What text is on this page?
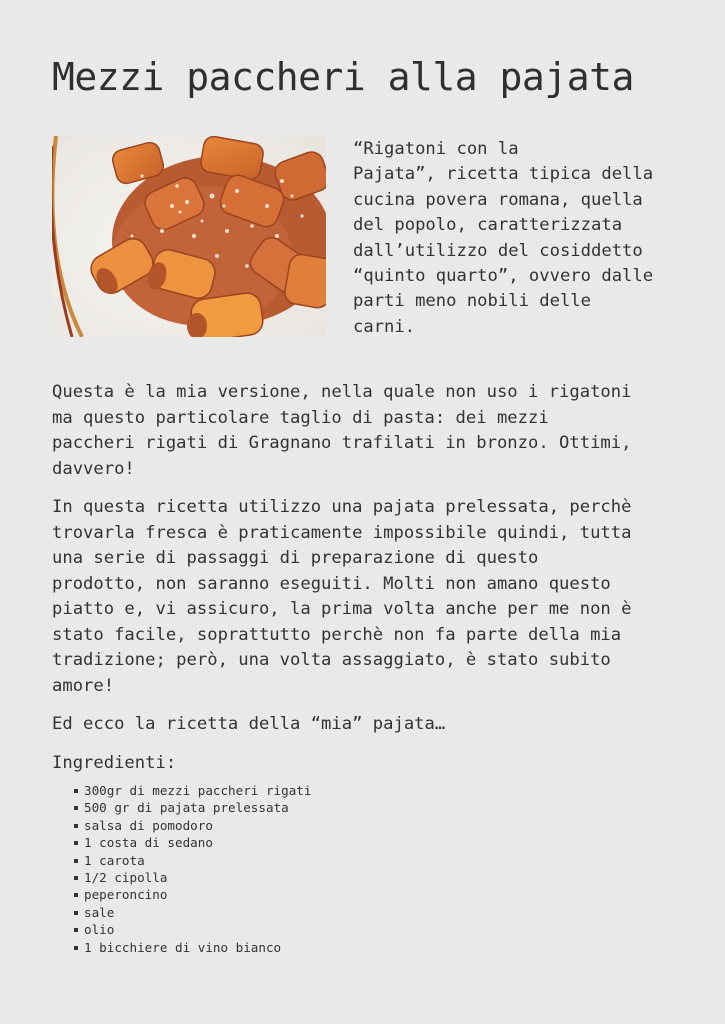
Mezzi paccheri alla pajata

“Rigatoni con la
Pajata”, ricetta tipica della
cucina povera romana, quella
del popolo, caratterizzata
dall’utilizzo del cosiddetto
“quinto quarto”, ovvero dalle
parti meno nobili delle
carni.

Questa è la mia versione, nella quale non uso i rigatoni
ma questo particolare taglio di pasta: dei mezzi
paccheri rigati di Gragnano trafilati in bronzo. Ottimi,
davvero!

In questa ricetta utilizzo una pajata prelessata, perchè
trovarla fresca è praticamente impossibile quindi, tutta
una serie di passaggi di preparazione di questo
prodotto, non saranno eseguiti. Molti non amano questo
piatto e, vi assicuro, la prima volta anche per me non è
stato facile, soprattutto perchè non fa parte della mia
tradizione; però, una volta assaggiato, è stato subito
amore!

Ed ecco la ricetta della “mia” pajata…

Ingredienti:

300gr di mezzi paccheri rigati
500 gr di pajata prelessata
salsa di pomodoro
1 costa di sedano
1 carota
1/2 cipolla
peperoncino
sale
olio
1 bicchiere di vino bianco
